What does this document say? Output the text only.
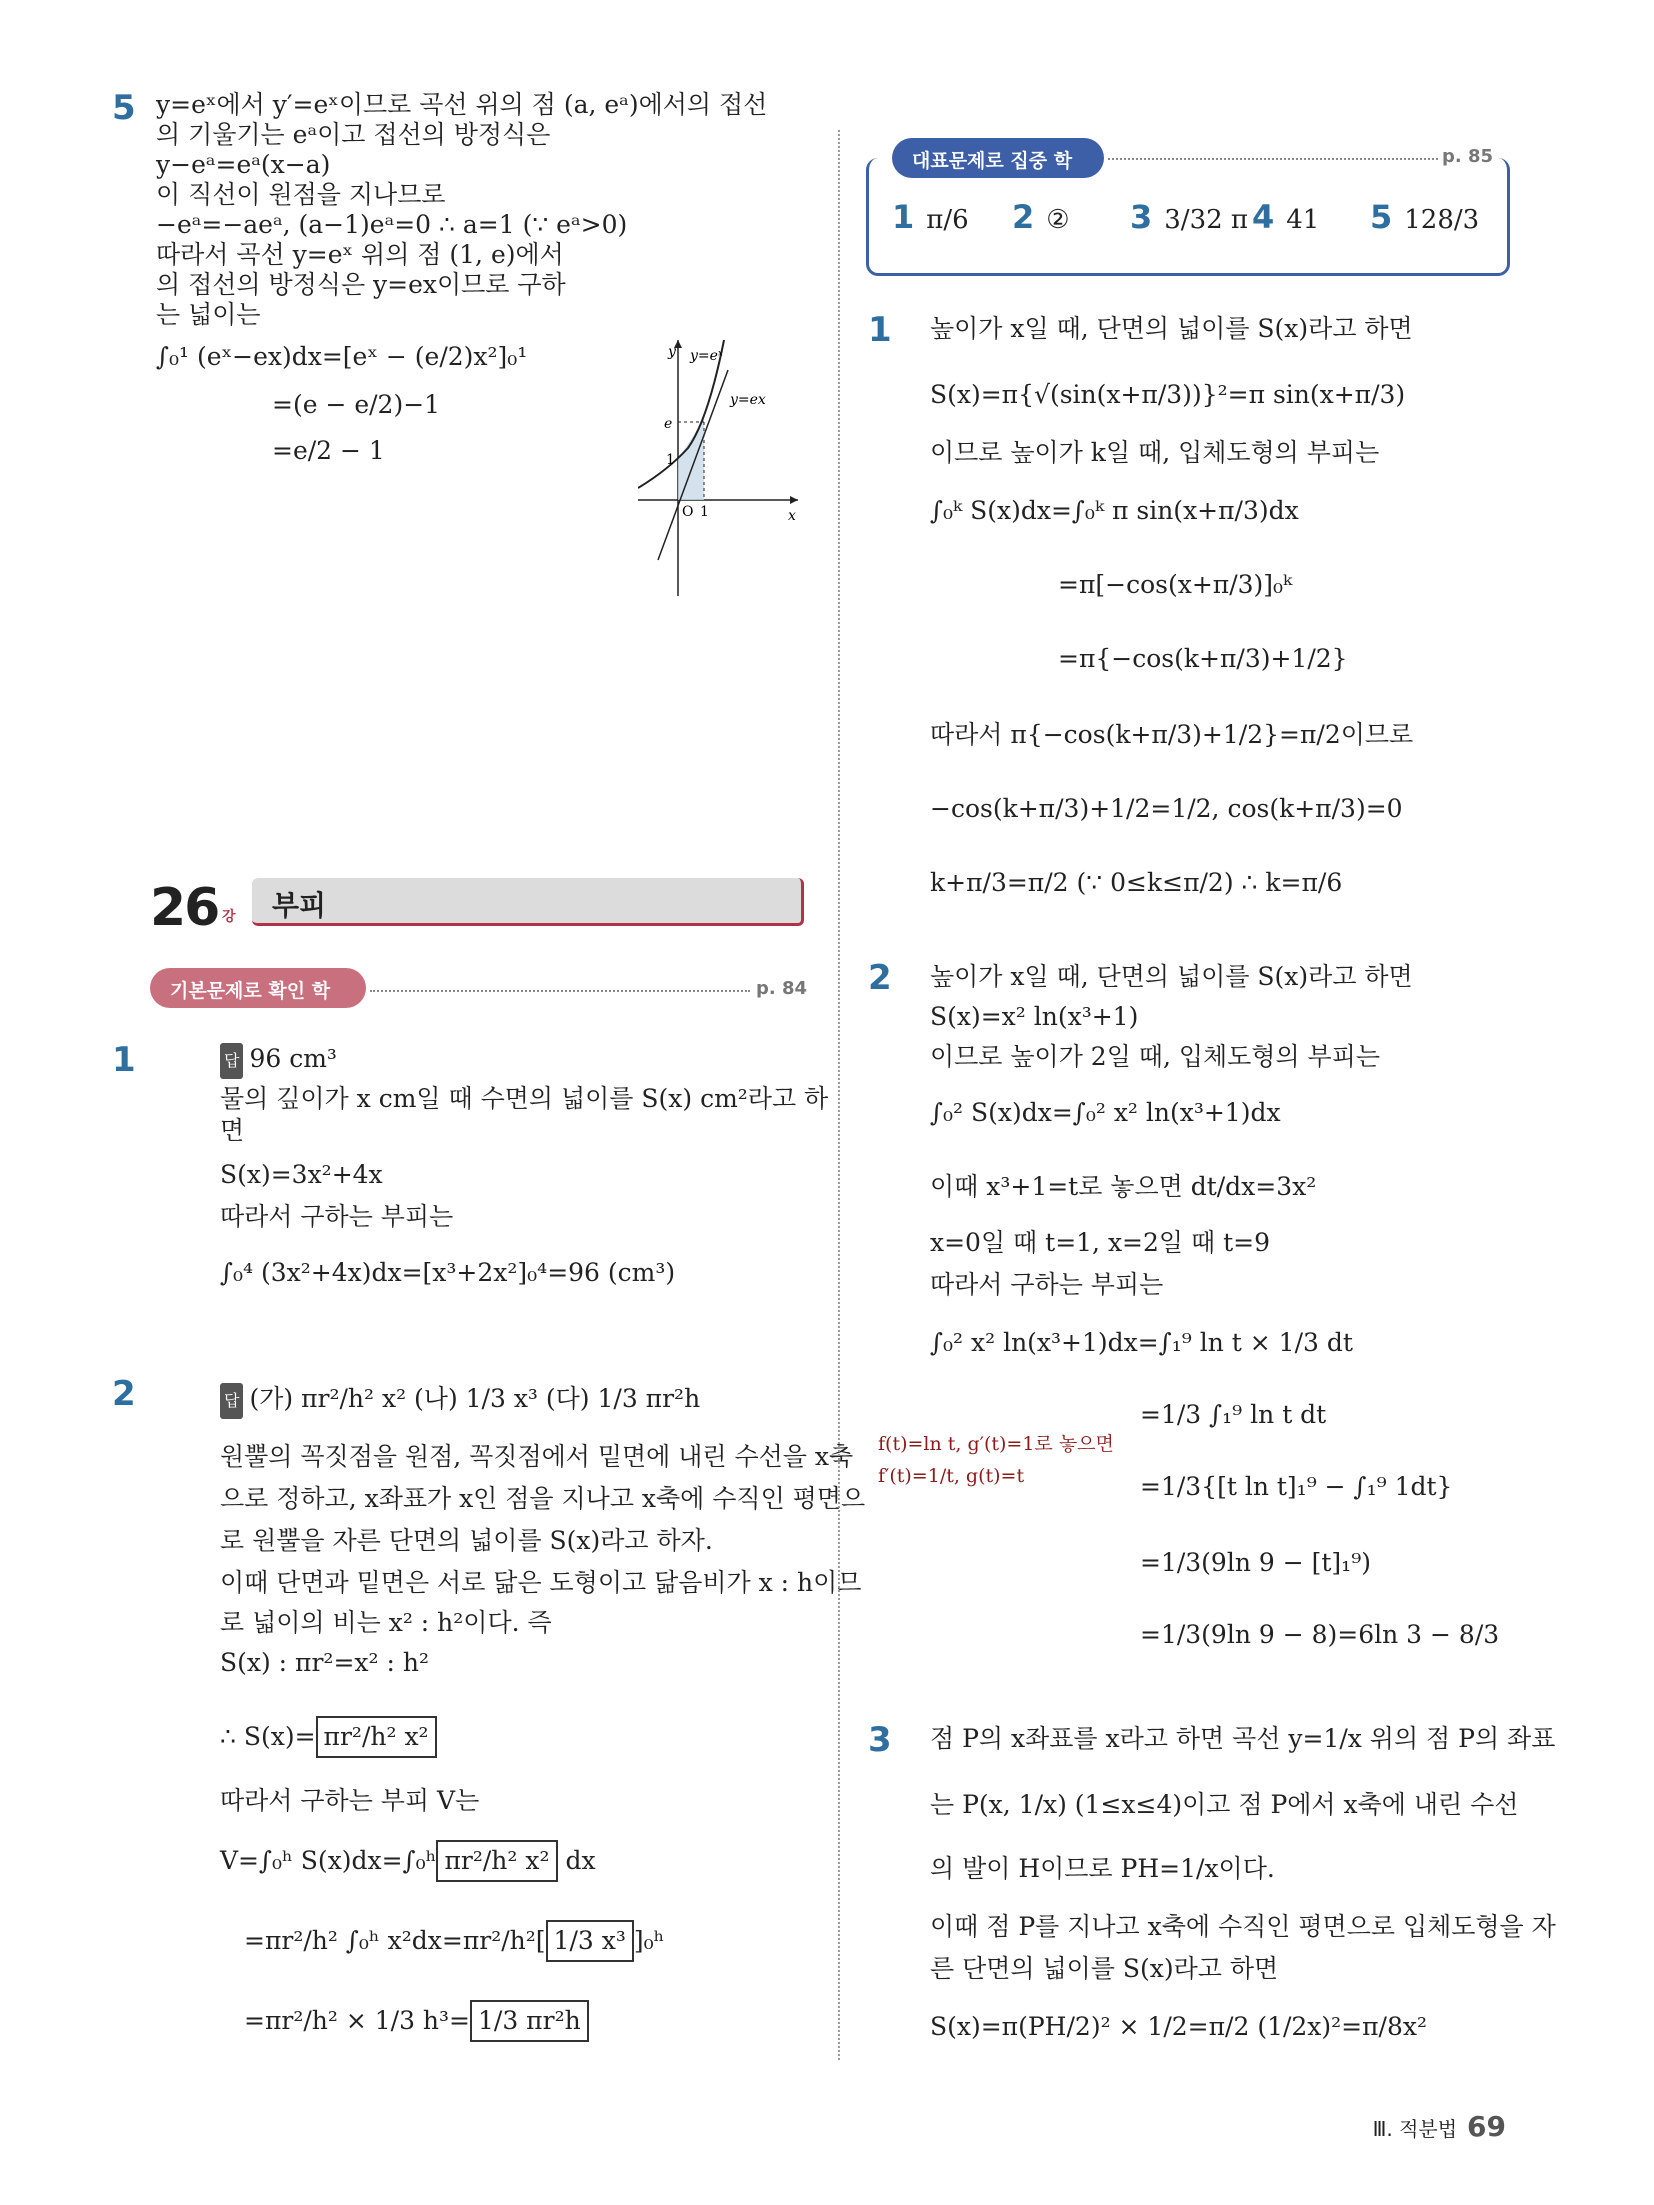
5 y=eˣ에서 y′=eˣ이므로 곡선 위의 점 (a, eᵃ)에서의 접선
의 기울기는 eᵃ이고 접선의 방정식은
y−eᵃ=eᵃ(x−a)
이 직선이 원점을 지나므로
−eᵃ=−aeᵃ, (a−1)eᵃ=0 ∴ a=1 (∵ eᵃ>0)
따라서 곡선 y=eˣ 위의 점 (1, e)에서
의 접선의 방정식은 y=ex이므로 구하
는 넓이는
∫₀¹ (eˣ−ex)dx=[eˣ − (e/2)x²]₀¹
=(e − e/2)−1
=e/2 − 1
y
x
y=eˣ
y=ex
e
1
O 1
26 강 부피
기본문제로 확인 학습
p. 84
1	답 96 cm³
물의 깊이가 x cm일 때 수면의 넓이를 S(x) cm²라고 하
면
S(x)=3x²+4x
따라서 구하는 부피는
∫₀⁴ (3x²+4x)dx=[x³+2x²]₀⁴=96 (cm³)
2	답 (가) πr²/h² x² (나) 1/3 x³ (다) 1/3 πr²h
원뿔의 꼭짓점을 원점, 꼭짓점에서 밑면에 내린 수선을 x축
으로 정하고, x좌표가 x인 점을 지나고 x축에 수직인 평면으
로 원뿔을 자른 단면의 넓이를 S(x)라고 하자.
이때 단면과 밑면은 서로 닮은 도형이고 닮음비가 x : h이므
로 넓이의 비는 x² : h²이다. 즉
S(x) : πr²=x² : h²
∴ S(x)= πr²/h² x²
따라서 구하는 부피 V는
V=∫₀ʰ S(x)dx=∫₀ʰ πr²/h² x² dx
=πr²/h² ∫₀ʰ x²dx=πr²/h²[ 1/3 x³ ]₀ʰ
=πr²/h² × 1/3 h³= 1/3 πr²h
대표문제로 집중 학습
p. 85
1 π/6 2 ② 3 3/32 π 4 41 5 128/3
1 높이가 x일 때, 단면의 넓이를 S(x)라고 하면
S(x)=π{√(sin(x+π/3))}²=π sin(x+π/3)
이므로 높이가 k일 때, 입체도형의 부피는
∫₀ᵏ S(x)dx=∫₀ᵏ π sin(x+π/3)dx
=π[−cos(x+π/3)]₀ᵏ
=π{−cos(k+π/3)+1/2}
따라서 π{−cos(k+π/3)+1/2}=π/2이므로
−cos(k+π/3)+1/2=1/2, cos(k+π/3)=0
k+π/3=π/2 (∵ 0≤k≤π/2) ∴ k=π/6
2 높이가 x일 때, 단면의 넓이를 S(x)라고 하면
S(x)=x² ln(x³+1)
이므로 높이가 2일 때, 입체도형의 부피는
∫₀² S(x)dx=∫₀² x² ln(x³+1)dx
이때 x³+1=t로 놓으면 dt/dx=3x²
x=0일 때 t=1, x=2일 때 t=9
따라서 구하는 부피는
∫₀² x² ln(x³+1)dx=∫₁⁹ ln t × 1/3 dt
=1/3 ∫₁⁹ ln t dt
=1/3{[t ln t]₁⁹ − ∫₁⁹ 1dt}
=1/3(9ln 9 − [t]₁⁹)
=1/3(9ln 9 − 8)=6ln 3 − 8/3
f(t)=ln t, g′(t)=1로 놓으면
f′(t)=1/t, g(t)=t
3 점 P의 x좌표를 x라고 하면 곡선 y=1/x 위의 점 P의 좌표
는 P(x, 1/x) (1≤x≤4)이고 점 P에서 x축에 내린 수선
의 발이 H이므로 PH=1/x이다.
이때 점 P를 지나고 x축에 수직인 평면으로 입체도형을 자
른 단면의 넓이를 S(x)라고 하면
S(x)=π(PH/2)² × 1/2=π/2 (1/2x)²=π/8x²
Ⅲ. 적분법 69
